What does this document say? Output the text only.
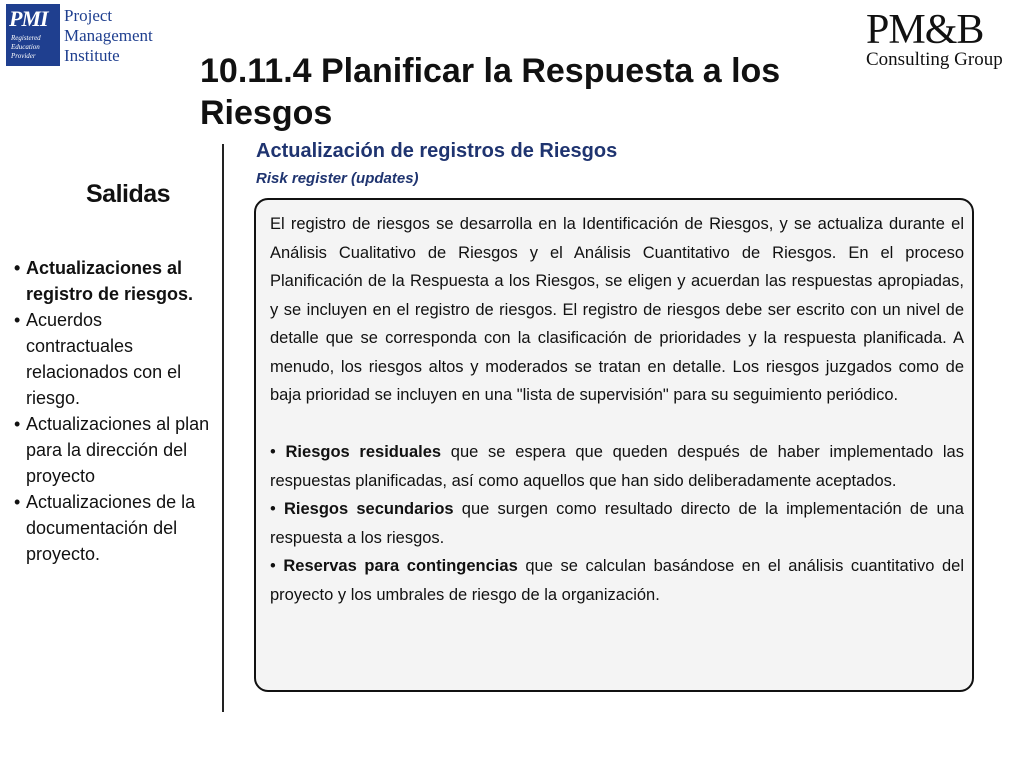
PMI
Registered
Education
Provider
Project
Management
Institute
PM&B
Consulting Group
10.11.4 Planificar la Respuesta a los Riesgos
Salidas
• Actualizaciones al registro de riesgos.
• Acuerdos contractuales relacionados con el riesgo.
• Actualizaciones al plan para la dirección del proyecto
• Actualizaciones de la documentación del proyecto.
Actualización de registros de Riesgos
Risk register (updates)

El registro de riesgos se desarrolla en la Identificación de Riesgos, y se actualiza durante el Análisis Cualitativo de Riesgos y el Análisis Cuantitativo de Riesgos. En el proceso Planificación de la Respuesta a los Riesgos, se eligen y acuerdan las respuestas apropiadas, y se incluyen en el registro de riesgos. El registro de riesgos debe ser escrito con un nivel de detalle que se corresponda con la clasificación de prioridades y la respuesta planificada. A menudo, los riesgos altos y moderados se tratan en detalle. Los riesgos juzgados como de baja prioridad se incluyen en una "lista de supervisión" para su seguimiento periódico.

• Riesgos residuales que se espera que queden después de haber implementado las respuestas planificadas, así como aquellos que han sido deliberadamente aceptados.

• Riesgos secundarios que surgen como resultado directo de la implementación de una respuesta a los riesgos.

• Reservas para contingencias que se calculan basándose en el análisis cuantitativo del proyecto y los umbrales de riesgo de la organización.
